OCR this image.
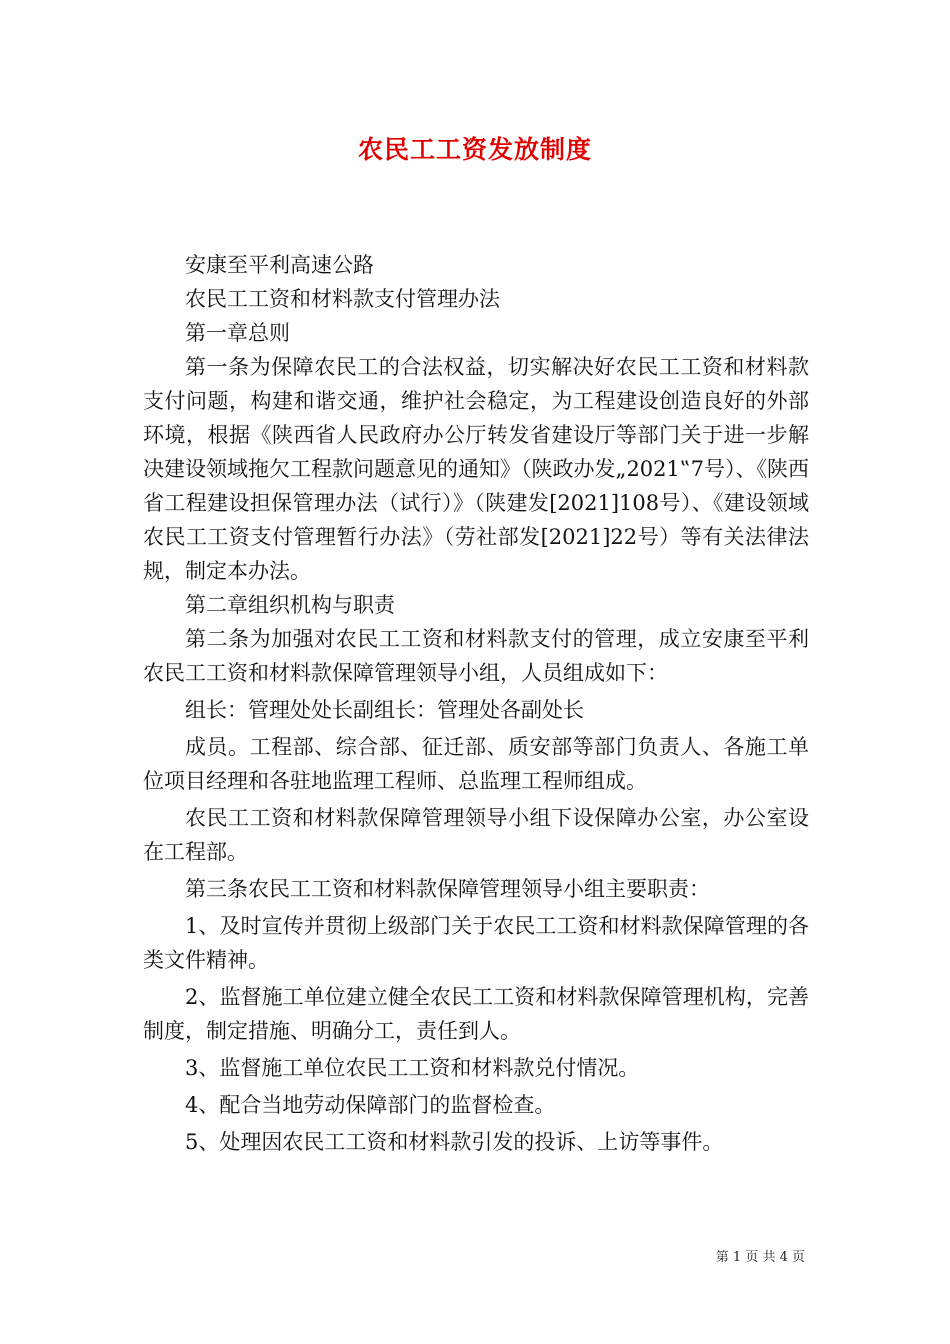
农民工工资发放制度

安康至平利高速公路

农民工工资和材料款支付管理办法

第一章总则

第一条为保障农民工的合法权益，切实解决好农民工工资和材料款支付问题，构建和谐交通，维护社会稳定，为工程建设创造良好的外部环境，根据《陕西省人民政府办公厅转发省建设厅等部门关于进一步解决建设领域拖欠工程款问题意见的通知》（陕政办发„2021‟7号）、《陕西省工程建设担保管理办法（试行）》（陕建发[2021]108号）、《建设领域农民工工资支付管理暂行办法》（劳社部发[2021]22号）等有关法律法规，制定本办法。

第二章组织机构与职责

第二条为加强对农民工工资和材料款支付的管理，成立安康至平利农民工工资和材料款保障管理领导小组，人员组成如下：

组长：管理处处长副组长：管理处各副处长

成员。工程部、综合部、征迁部、质安部等部门负责人、各施工单位项目经理和各驻地监理工程师、总监理工程师组成。

农民工工资和材料款保障管理领导小组下设保障办公室，办公室设在工程部。

第三条农民工工资和材料款保障管理领导小组主要职责：

1、及时宣传并贯彻上级部门关于农民工工资和材料款保障管理的各类文件精神。

2、监督施工单位建立健全农民工工资和材料款保障管理机构，完善制度，制定措施、明确分工，责任到人。

3、监督施工单位农民工工资和材料款兑付情况。

4、配合当地劳动保障部门的监督检查。

5、处理因农民工工资和材料款引发的投诉、上访等事件。

第 1 页 共 4 页
